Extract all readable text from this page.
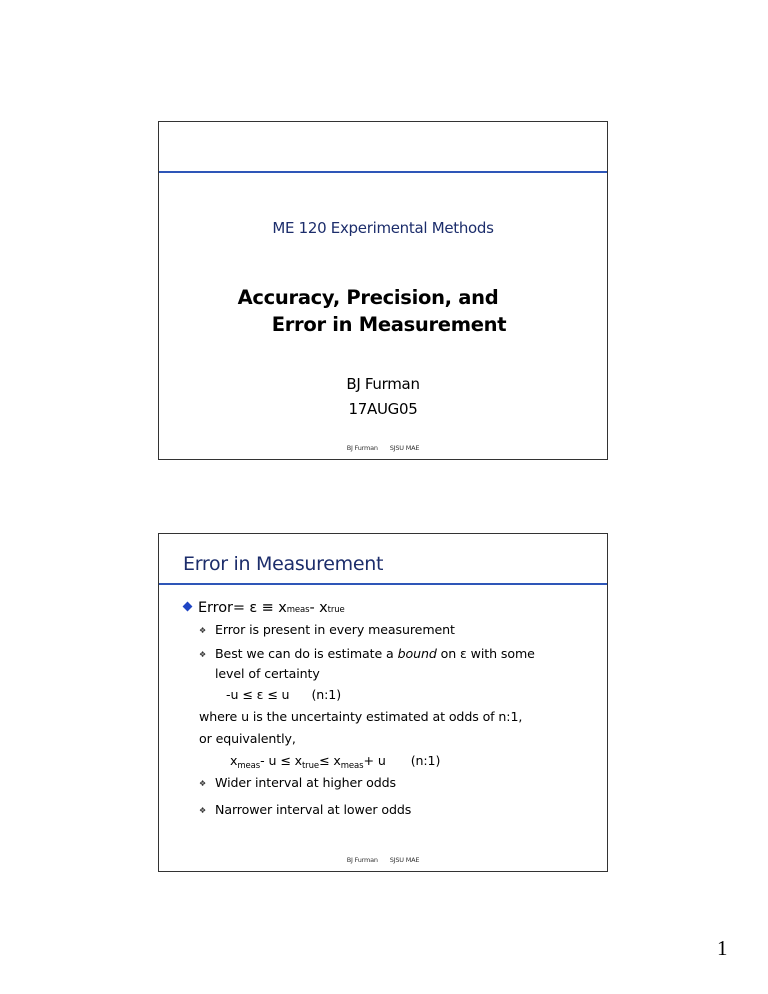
ME 120 Experimental Methods
Accuracy, Precision, and
Error in Measurement
BJ Furman
17AUG05
BJ Furman SJSU MAE
Error in Measurement
Error = ε ≡ x meas - x true
❖ Error is present in every measurement
❖ Best we can do is estimate a bound on ε with some
level of certainty
-u ≤ ε ≤ u (n:1)
where u is the uncertainty estimated at odds of n:1,
or equivalently,
$x_{meas}-$ $u \le x_{true}\le x_{meas}+ u$ (n:1)
❖ Wider interval at higher odds
❖ Narrower interval at lower odds
BJ Furman SJSU MAE
1
